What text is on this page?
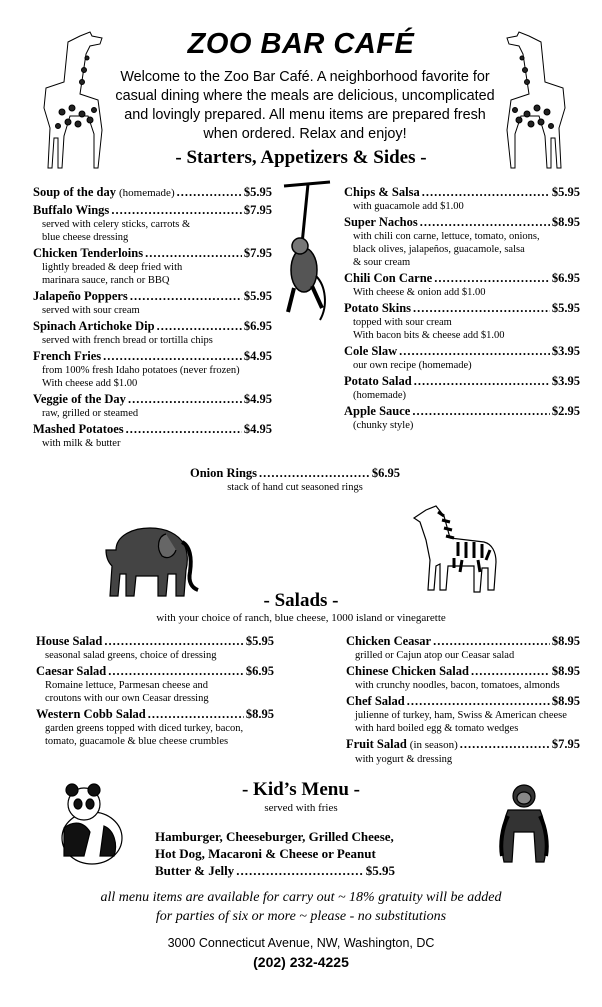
ZOO BAR CAFÉ
Welcome to the Zoo Bar Café. A neighborhood favorite for casual dining where the meals are delicious, uncomplicated and lovingly prepared. All menu items are prepared fresh when ordered. Relax and enjoy!
- Starters, Appetizers & Sides -
Soup of the day (homemade) .....	$5.95
Buffalo Wings .....	$7.95
served with celery sticks, carrots &
blue cheese dressing
Chicken Tenderloins .....	$7.95
lightly breaded & deep fried with
marinara sauce, ranch or BBQ
Jalapeño Poppers .....	$5.95
served with sour cream
Spinach Artichoke Dip .....	$6.95
served with french bread or tortilla chips
French Fries .....	$4.95
from 100% fresh Idaho potatoes (never frozen)
With cheese add $1.00
Veggie of the Day .....	$4.95
raw, grilled or steamed
Mashed Potatoes .....	$4.95
with milk & butter
Chips & Salsa .....	$5.95
with guacamole add $1.00
Super Nachos .....	$8.95
with chili con carne, lettuce, tomato, onions,
black olives, jalapeños, guacamole, salsa
& sour cream
Chili Con Carne .....	$6.95
With cheese & onion add $1.00
Potato Skins .....	$5.95
topped with sour cream
With bacon bits & cheese add $1.00
Cole Slaw .....	$3.95
our own recipe (homemade)
Potato Salad .....	$3.95
(homemade)
Apple Sauce .....	$2.95
(chunky style)
Onion Rings .....	$6.95
stack of hand cut seasoned rings
- Salads -
with your choice of ranch, blue cheese, 1000 island or vinegarette
House Salad .....	$5.95
seasonal salad greens, choice of dressing
Caesar Salad .....	$6.95
Romaine lettuce, Parmesan cheese and
croutons with our own Ceasar dressing
Western Cobb Salad .....	$8.95
garden greens topped with diced turkey, bacon,
tomato, guacamole & blue cheese crumbles
Chicken Ceasar .....	$8.95
grilled or Cajun atop our Ceasar salad
Chinese Chicken Salad .....	$8.95
with crunchy noodles, bacon, tomatoes, almonds
Chef Salad .....	$8.95
julienne of turkey, ham, Swiss & American cheese
with hard boiled egg & tomato wedges
Fruit Salad (in season) .....	$7.95
with yogurt & dressing
- Kid’s Menu -
served with fries
Hamburger, Cheeseburger, Grilled Cheese,
Hot Dog, Macaroni & Cheese or Peanut
Butter & Jelly .....	$5.95
all menu items are available for carry out ~ 18% gratuity will be added for parties of six or more ~ please - no substitutions
3000 Connecticut Avenue, NW, Washington, DC
(202) 232-4225
